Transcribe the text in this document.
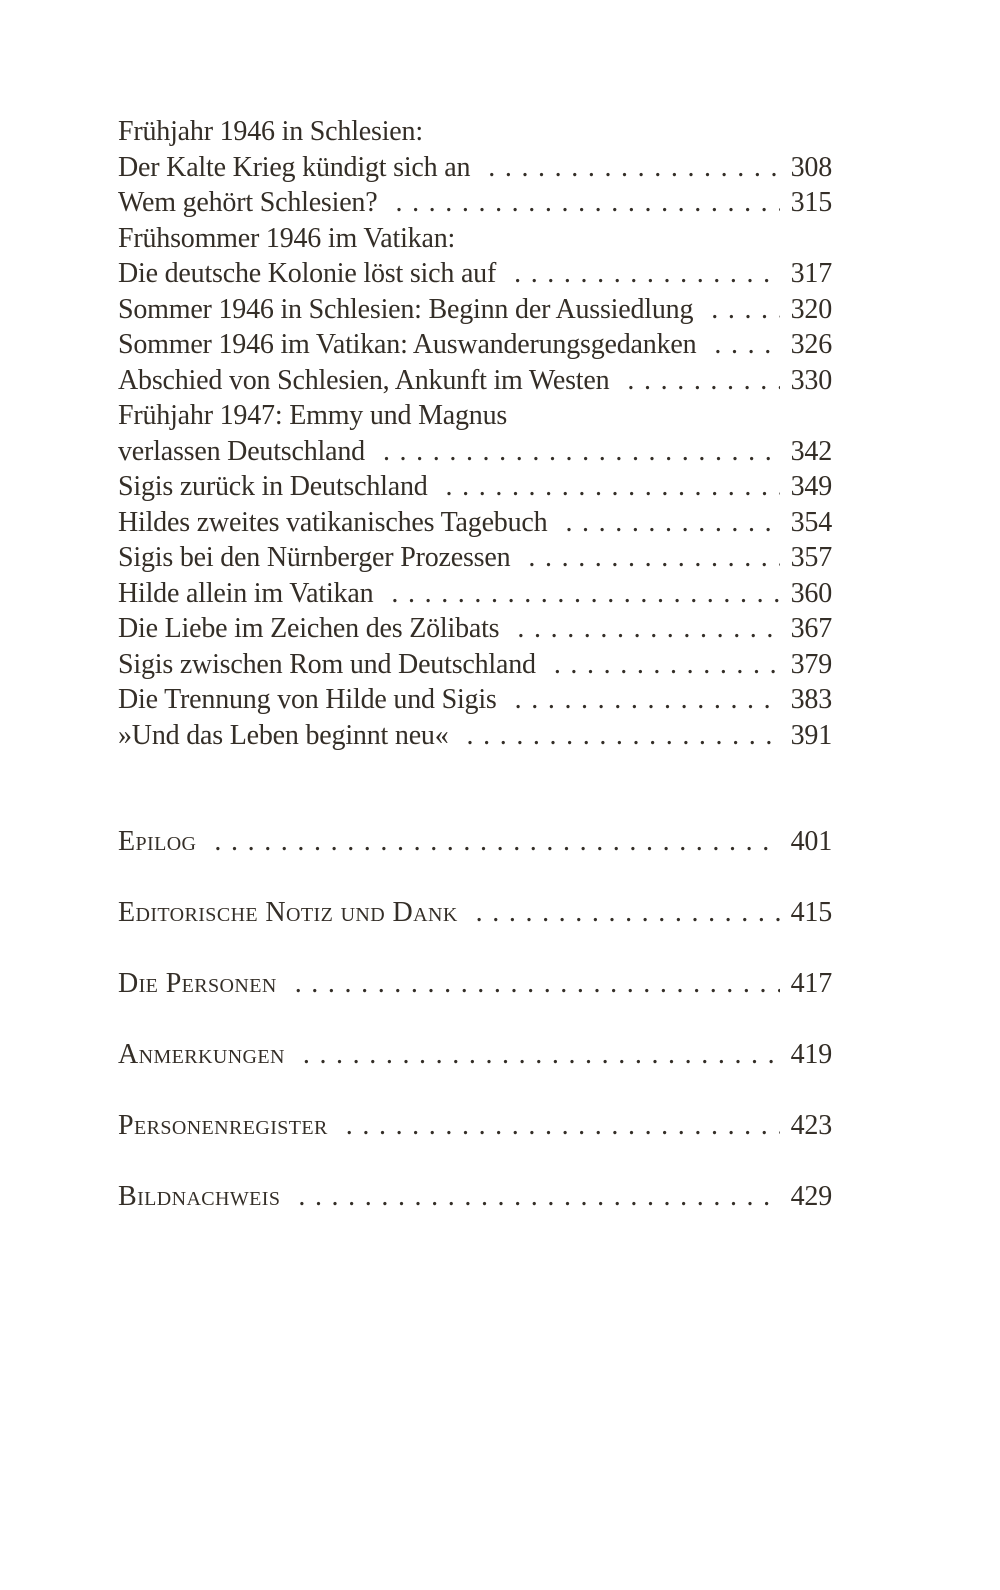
Frühjahr 1946 in Schlesien:
Der Kalte Krieg kündigt sich an .....	308
Wem gehört Schlesien? .....	315
Frühsommer 1946 im Vatikan:
Die deutsche Kolonie löst sich auf .....	317
Sommer 1946 in Schlesien: Beginn der Aussiedlung .....	320
Sommer 1946 im Vatikan: Auswanderungsgedanken .....	326
Abschied von Schlesien, Ankunft im Westen .....	330
Frühjahr 1947: Emmy und Magnus
verlassen Deutschland .....	342
Sigis zurück in Deutschland .....	349
Hildes zweites vatikanisches Tagebuch .....	354
Sigis bei den Nürnberger Prozessen .....	357
Hilde allein im Vatikan .....	360
Die Liebe im Zeichen des Zölibats .....	367
Sigis zwischen Rom und Deutschland .....	379
Die Trennung von Hilde und Sigis .....	383
»Und das Leben beginnt neu« .....	391
Epilog .....	401
Editorische Notiz und Dank .....	415
Die Personen .....	417
Anmerkungen .....	419
Personenregister .....	423
Bildnachweis .....	429
